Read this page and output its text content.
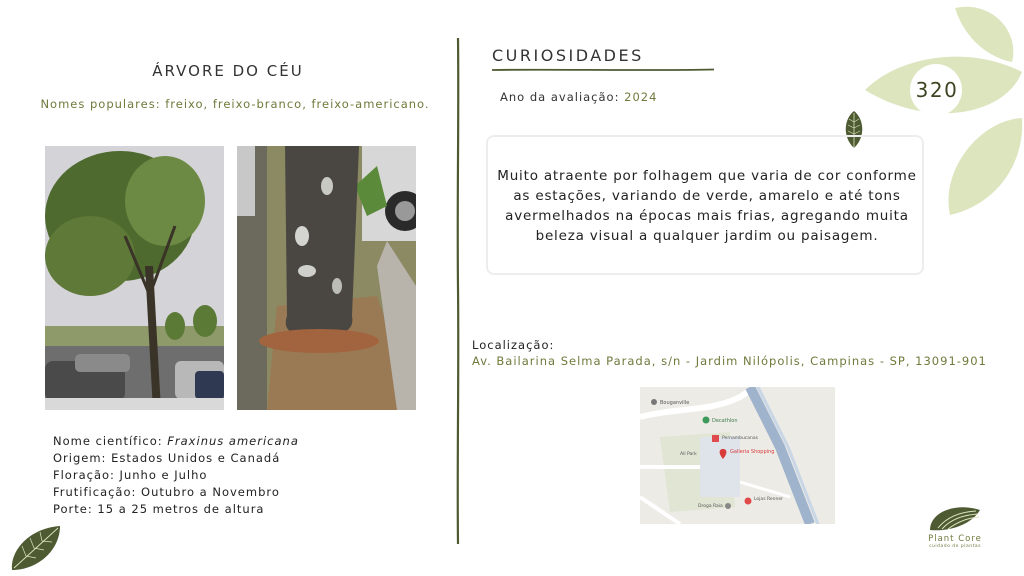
320
ÁRVORE DO CÉU
Nomes populares: freixo, freixo-branco, freixo-americano.
Nome científico: Fraxinus americana
Origem: Estados Unidos e Canadá
Floração: Junho e Julho
Frutificação: Outubro a Novembro
Porte: 15 a 25 metros de altura
CURIOSIDADES
Ano da avaliação: 2024
Muito atraente por folhagem que varia de cor conforme as estações, variando de verde, amarelo e até tons avermelhados na épocas mais frias, agregando muita beleza visual a qualquer jardim ou paisagem.
Localização:
Av. Bailarina Selma Parada, s/n - Jardim Nilópolis, Campinas - SP, 13091-901
Bouganville
Decathlon
Pernambucanas
Galleria Shopping
All Park
Lojas Renner
Droga Raia
Plant Core
cuidado de plantas
